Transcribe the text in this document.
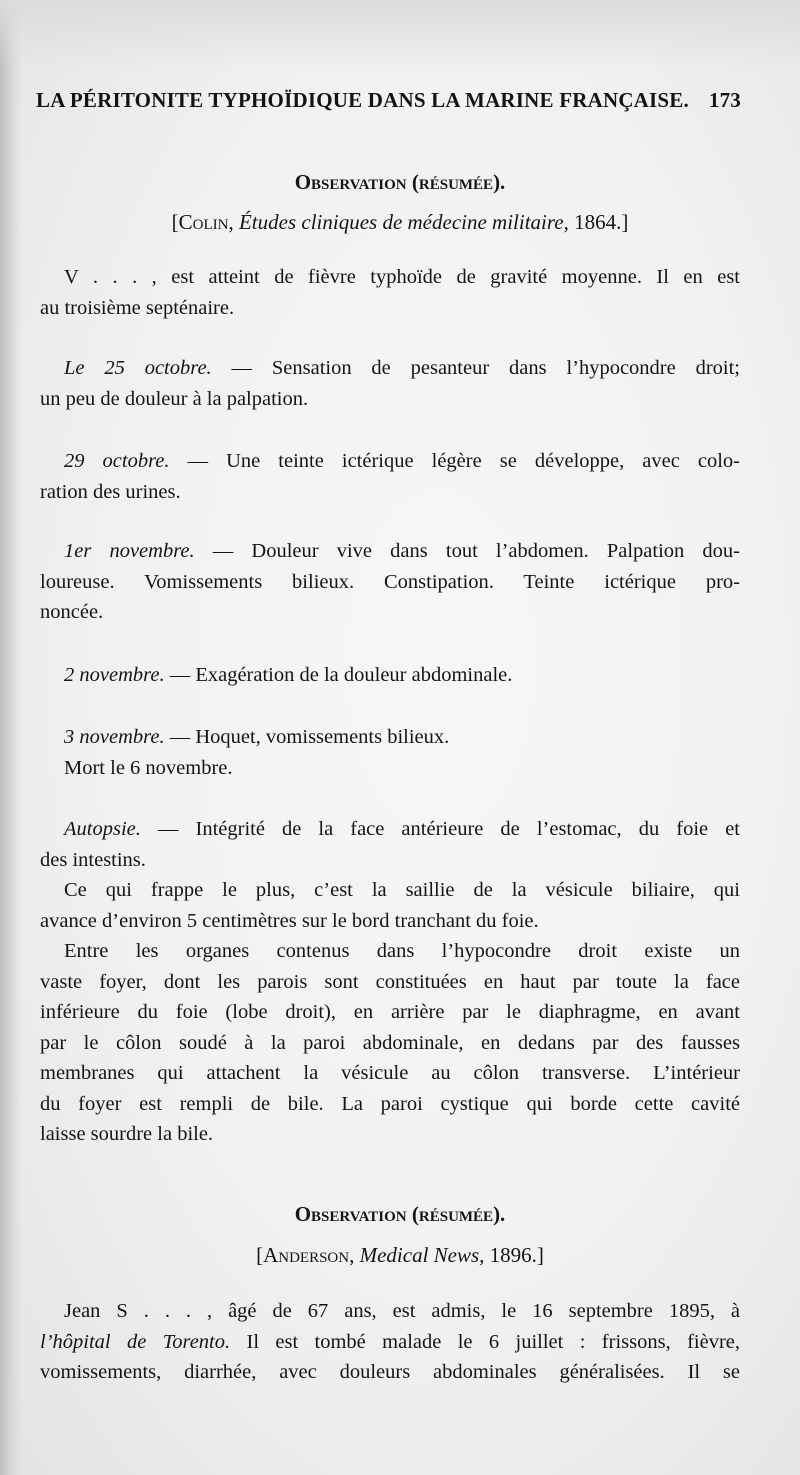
LA PÉRITONITE TYPHOÏDIQUE DANS LA MARINE FRANÇAISE. 173
Observation (résumée).
[Colin, Études cliniques de médecine militaire, 1864.]
V . . . , est atteint de fièvre typhoïde de gravité moyenne. Il en est
au troisième septénaire.
Le 25 octobre. — Sensation de pesanteur dans l’hypocondre droit;
un peu de douleur à la palpation.
29 octobre. — Une teinte ictérique légère se développe, avec colo-
ration des urines.
1er novembre. — Douleur vive dans tout l’abdomen. Palpation dou-
loureuse. Vomissements bilieux. Constipation. Teinte ictérique pro-
noncée.
2 novembre. — Exagération de la douleur abdominale.
3 novembre. — Hoquet, vomissements bilieux.
Mort le 6 novembre.
Autopsie. — Intégrité de la face antérieure de l’estomac, du foie et
des intestins.
Ce qui frappe le plus, c’est la saillie de la vésicule biliaire, qui
avance d’environ 5 centimètres sur le bord tranchant du foie.
Entre les organes contenus dans l’hypocondre droit existe un
vaste foyer, dont les parois sont constituées en haut par toute la face
inférieure du foie (lobe droit), en arrière par le diaphragme, en avant
par le côlon soudé à la paroi abdominale, en dedans par des fausses
membranes qui attachent la vésicule au côlon transverse. L’intérieur
du foyer est rempli de bile. La paroi cystique qui borde cette cavité
laisse sourdre la bile.
Observation (résumée).
[Anderson, Medical News, 1896.]
Jean S . . . , âgé de 67 ans, est admis, le 16 septembre 1895, à
l’hôpital de Torento. Il est tombé malade le 6 juillet : frissons, fièvre,
vomissements, diarrhée, avec douleurs abdominales généralisées. Il se
